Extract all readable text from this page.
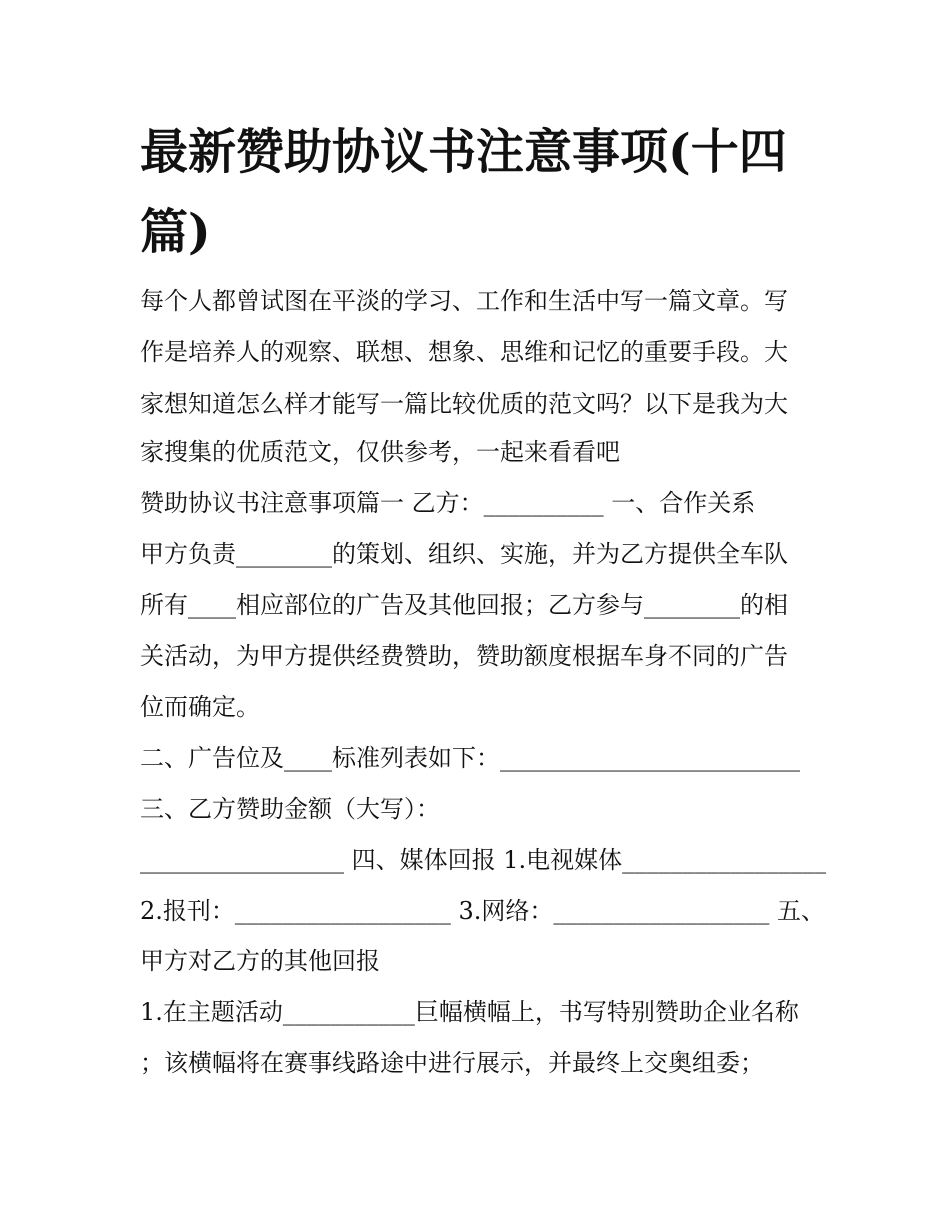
最新赞助协议书注意事项(十四篇)

每个人都曾试图在平淡的学习、工作和生活中写一篇文章。写

作是培养人的观察、联想、想象、思维和记忆的重要手段。大

家想知道怎么样才能写一篇比较优质的范文吗？以下是我为大

家搜集的优质范文，仅供参考，一起来看看吧

赞助协议书注意事项篇一 乙方：__________ 一、合作关系

甲方负责________的策划、组织、实施，并为乙方提供全车队

所有____相应部位的广告及其他回报；乙方参与________的相

关活动，为甲方提供经费赞助，赞助额度根据车身不同的广告

位而确定。

二、广告位及____标准列表如下：_________________________

三、乙方赞助金额（大写）：

_________________ 四、媒体回报 1.电视媒体_________________

2.报刊：__________________ 3.网络：__________________ 五、

甲方对乙方的其他回报

1.在主题活动___________巨幅横幅上，书写特别赞助企业名称

；该横幅将在赛事线路途中进行展示，并最终上交奥组委；
